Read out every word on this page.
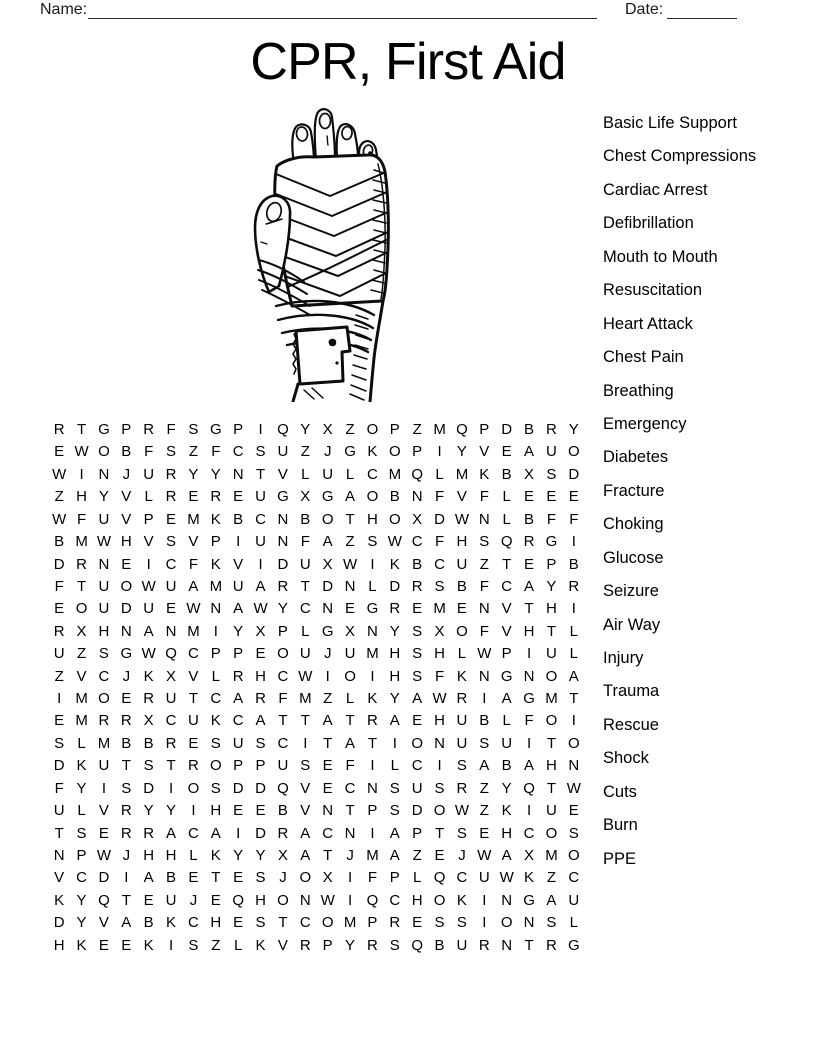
Name:	Date:
CPR, First Aid
Basic Life Support
Chest Compressions
Cardiac Arrest
Defibrillation
Mouth to Mouth
Resuscitation
Heart Attack
Chest Pain
Breathing
Emergency
Diabetes
Fracture
Choking
Glucose
Seizure
Air Way
Injury
Trauma
Rescue
Shock
Cuts
Burn
PPE
R T G P R F S G P	I Q Y X Z O P Z M Q P D B R Y
E W O B F S Z F C S U Z J G K O P	I	Y V E A U O
W I N J U R Y Y N T V L U L C M Q L M K B X S D
Z H Y V L R E R E U G X G A O B N F V F L E E E
W F U V P E M K B C N B O T H O X D W N L B F F
B M W H V S V P	I U N F A Z S W C F H S Q R G I
D R N E	I C F K V	I D U X W I	K B C U Z T E P B
F T U O W U A M U A R T D N L D R S B F C A Y R
E O U D U E W N A W Y C N E G R E M E N V T H I
R X H N A N M I	Y X P L G X N Y S X O F V H T L
U Z S G W Q C P P E O U J U M H S H L W P	I U L
Z V C J K X V L R H C W I O I H S F K N G N O A
I M O E R U T C A R F M Z L K Y A W R I	A G M T
E M R R X C U K C A T T A T R A E H U B L F O I
S L M B B R E S U S C I	T A T	I O N U S U I	T O
D K U T S T R O P P U S E F	I	L C I	S A B A H N
F Y	I	S D I O S D D Q V E C N S U S R Z Y Q T W
U L V R Y Y	I H E E B V N T P S D O W Z K	I U E
T S E R R A C A	I D R A C N I	A P T S E H C O S
N P W J H H L K Y Y X A T J M A Z E J W A X M O
V C D I	A B E T E S J O X	I	F P L Q C U W K Z C
K Y Q T E U J E Q H O N W I Q C H O K	I N G A U
D Y V A B K C H E S T C O M P R E S S	I O N S L
H K E E K	I	S Z L K V R P Y R S Q B U R N T R G
